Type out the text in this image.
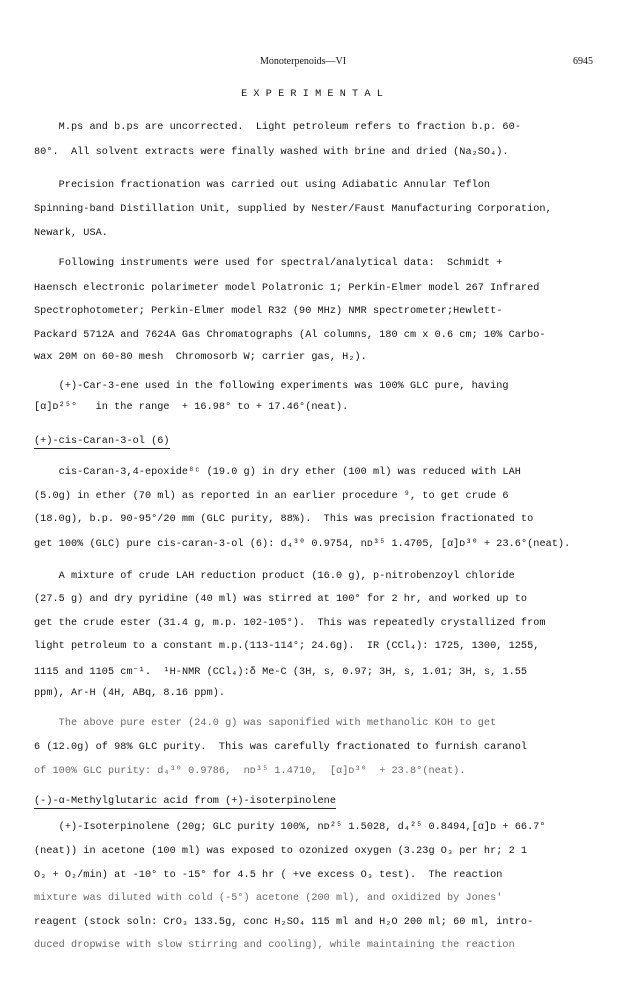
Monoterpenoids—VI	6945
E X P E R I M E N T A L
M.ps and b.ps are uncorrected.  Light petroleum refers to fraction b.p. 60-
80°.  All solvent extracts were finally washed with brine and dried (Na₂SO₄).
Precision fractionation was carried out using Adiabatic Annular Teflon
Spinning-band Distillation Unit, supplied by Nester/Faust Manufacturing Corporation,
Newark, USA.
Following instruments were used for spectral/analytical data:  Schmidt +
Haensch electronic polarimeter model Polatronic 1; Perkin-Elmer model 267 Infrared
Spectrophotometer; Perkin-Elmer model R32 (90 MHz) NMR spectrometer;Hewlett-
Packard 5712A and 7624A Gas Chromatographs (Al columns, 180 cm x 0.6 cm; 10% Carbo-
wax 20M on 60-80 mesh  Chromosorb W; carrier gas, H₂).
(+)-Car-3-ene used in the following experiments was 100% GLC pure, having
[α]ᴅ²⁵°   in the range  + 16.98° to + 17.46°(neat).
(+)-cis-Caran-3-ol (6)
cis-Caran-3,4-epoxide⁸ᶜ (19.0 g) in dry ether (100 ml) was reduced with LAH
(5.0g) in ether (70 ml) as reported in an earlier procedure ⁹, to get crude 6
(18.0g), b.p. 90-95°/20 mm (GLC purity, 88%).  This was precision fractionated to
get 100% (GLC) pure cis-caran-3-ol (6): d₄³⁰ 0.9754, nᴅ³⁵ 1.4705, [α]ᴅ³⁰ + 23.6°(neat).
A mixture of crude LAH reduction product (16.0 g), p-nitrobenzoyl chloride
(27.5 g) and dry pyridine (40 ml) was stirred at 100° for 2 hr, and worked up to
get the crude ester (31.4 g, m.p. 102-105°).  This was repeatedly crystallized from
light petroleum to a constant m.p.(113-114°; 24.6g).  IR (CCl₄): 1725, 1300, 1255,
1115 and 1105 cm⁻¹.  ¹H-NMR (CCl₄):δ Me-C (3H, s, 0.97; 3H, s, 1.01; 3H, s, 1.55
ppm), Ar-H (4H, ABq, 8.16 ppm).
The above pure ester (24.0 g) was saponified with methanolic KOH to get
6 (12.0g) of 98% GLC purity.  This was carefully fractionated to furnish caranol
of 100% GLC purity: d₄³⁰ 0.9786,  nᴅ³⁵ 1.4710,  [α]ᴅ³⁰  + 23.8°(neat).
(-)-α-Methylglutaric acid from (+)-isoterpinolene
(+)-Isoterpinolene (20g; GLC purity 100%, nᴅ²⁵ 1.5028, d₄²⁵ 0.8494,[α]ᴅ + 66.7°
(neat)) in acetone (100 ml) was exposed to ozonized oxygen (3.23g O₃ per hr; 2 1
O₃ + O₂/min) at -10° to -15° for 4.5 hr ( +ve excess O₃ test).  The reaction
mixture was diluted with cold (-5°) acetone (200 ml), and oxidized by Jones'
reagent (stock soln: CrO₃ 133.5g, conc H₂SO₄ 115 ml and H₂O 200 ml; 60 ml, intro-
duced dropwise with slow stirring and cooling), while maintaining the reaction
